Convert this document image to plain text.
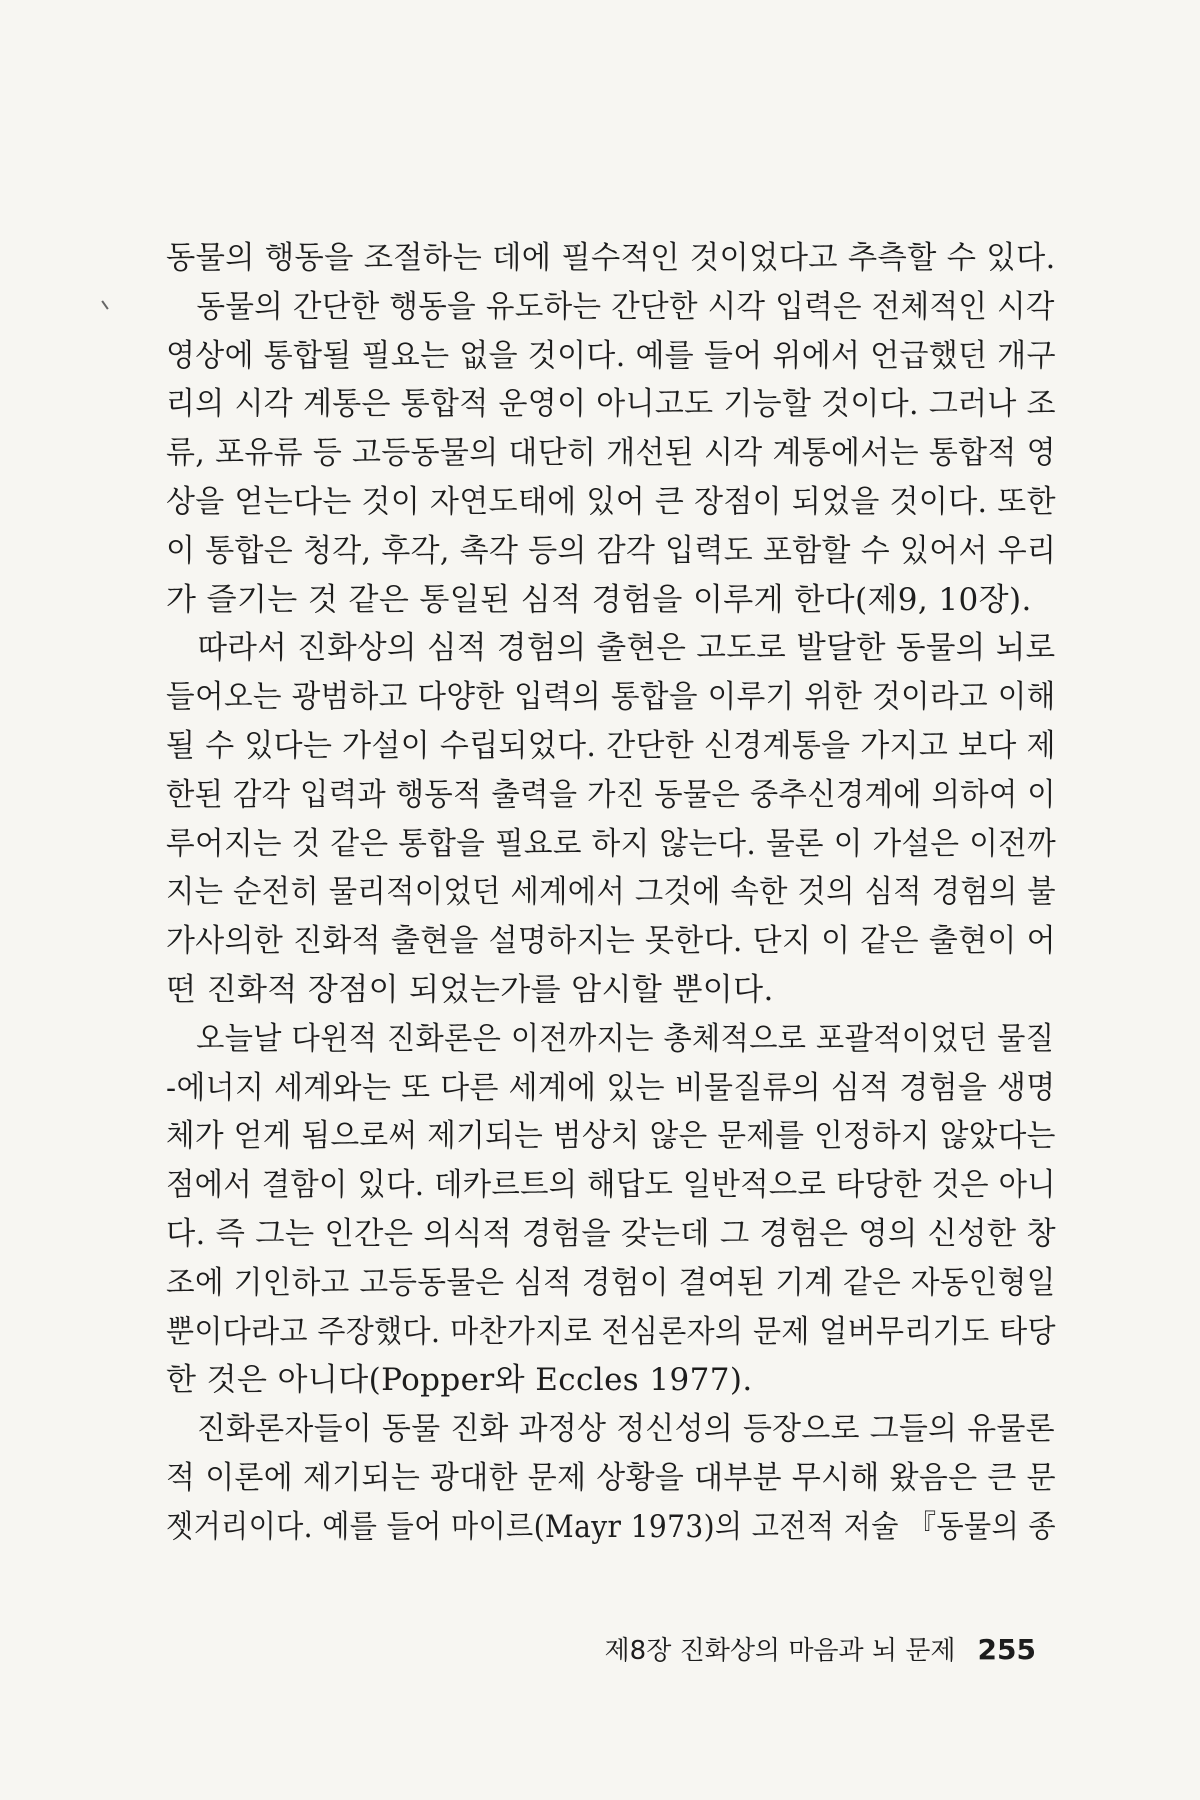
동물의 행동을 조절하는 데에 필수적인 것이었다고 추측할 수 있다.
동물의 간단한 행동을 유도하는 간단한 시각 입력은 전체적인 시각
영상에 통합될 필요는 없을 것이다. 예를 들어 위에서 언급했던 개구
리의 시각 계통은 통합적 운영이 아니고도 기능할 것이다. 그러나 조
류, 포유류 등 고등동물의 대단히 개선된 시각 계통에서는 통합적 영
상을 얻는다는 것이 자연도태에 있어 큰 장점이 되었을 것이다. 또한
이 통합은 청각, 후각, 촉각 등의 감각 입력도 포함할 수 있어서 우리
가 즐기는 것 같은 통일된 심적 경험을 이루게 한다(제9, 10장).
따라서 진화상의 심적 경험의 출현은 고도로 발달한 동물의 뇌로
들어오는 광범하고 다양한 입력의 통합을 이루기 위한 것이라고 이해
될 수 있다는 가설이 수립되었다. 간단한 신경계통을 가지고 보다 제
한된 감각 입력과 행동적 출력을 가진 동물은 중추신경계에 의하여 이
루어지는 것 같은 통합을 필요로 하지 않는다. 물론 이 가설은 이전까
지는 순전히 물리적이었던 세계에서 그것에 속한 것의 심적 경험의 불
가사의한 진화적 출현을 설명하지는 못한다. 단지 이 같은 출현이 어
떤 진화적 장점이 되었는가를 암시할 뿐이다.
오늘날 다윈적 진화론은 이전까지는 총체적으로 포괄적이었던 물질
-에너지 세계와는 또 다른 세계에 있는 비물질류의 심적 경험을 생명
체가 얻게 됨으로써 제기되는 범상치 않은 문제를 인정하지 않았다는
점에서 결함이 있다. 데카르트의 해답도 일반적으로 타당한 것은 아니
다. 즉 그는 인간은 의식적 경험을 갖는데 그 경험은 영의 신성한 창
조에 기인하고 고등동물은 심적 경험이 결여된 기계 같은 자동인형일
뿐이다라고 주장했다. 마찬가지로 전심론자의 문제 얼버무리기도 타당
한 것은 아니다(Popper와 Eccles 1977).
진화론자들이 동물 진화 과정상 정신성의 등장으로 그들의 유물론
적 이론에 제기되는 광대한 문제 상황을 대부분 무시해 왔음은 큰 문
젯거리이다. 예를 들어 마이르(Mayr 1973)의 고전적 저술 『동물의 종
제8장 진화상의 마음과 뇌 문제 255
